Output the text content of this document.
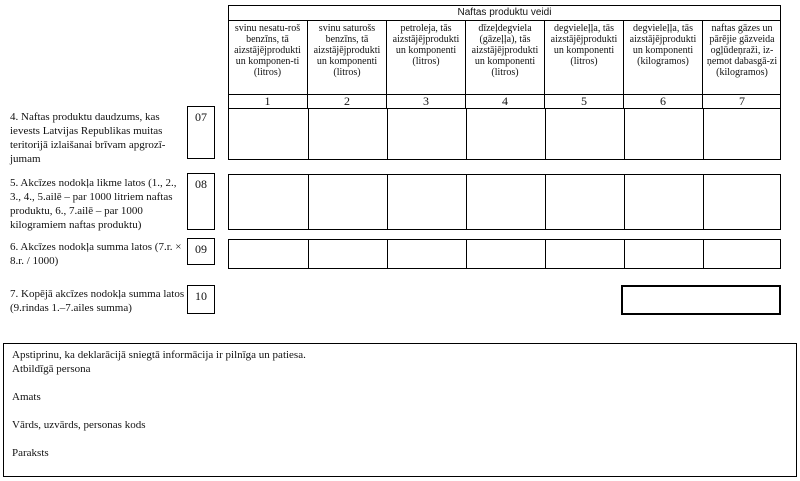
Naftas produktu veidi
svinu nesatu-roš benzīns, tā aizstājējprodukti un komponen-ti (litros)
1
svinu saturošs benzīns, tā aizstājējprodukti un komponenti (litros)
2
petroleja, tās aizstājējprodukti un komponenti (litros)
3
dīzeļdegviela (gāzeļļa), tās aizstājējprodukti un komponenti (litros)
4
degvieleļļa, tās aizstājējprodukti un komponenti (litros)
5
degvieleļļa, tās aizstājējprodukti un komponenti (kilogramos)
6
naftas gāzes un pārējie gāzveida ogļūdeņraži, iz-ņemot dabasgā-zi (kilogramos)
7
4. Naftas produktu daudzums, kas ievests Latvijas Republikas muitas teritorijā izlaišanai brīvam apgrozī-jumam
07
5. Akcīzes nodokļa likme latos (1., 2., 3., 4., 5.ailē – par 1000 litriem naftas produktu, 6., 7.ailē – par 1000 kilogramiem naftas produktu)
08
6. Akcīzes nodokļa summa latos (7.r. × 8.r. / 1000)
09
7. Kopējā akcīzes nodokļa summa latos (9.rindas 1.–7.ailes summa)
10
Apstiprinu, ka deklarācijā sniegtā informācija ir pilnīga un patiesa.
Atbildīgā persona
Amats
Vārds, uzvārds, personas kods
Paraksts
